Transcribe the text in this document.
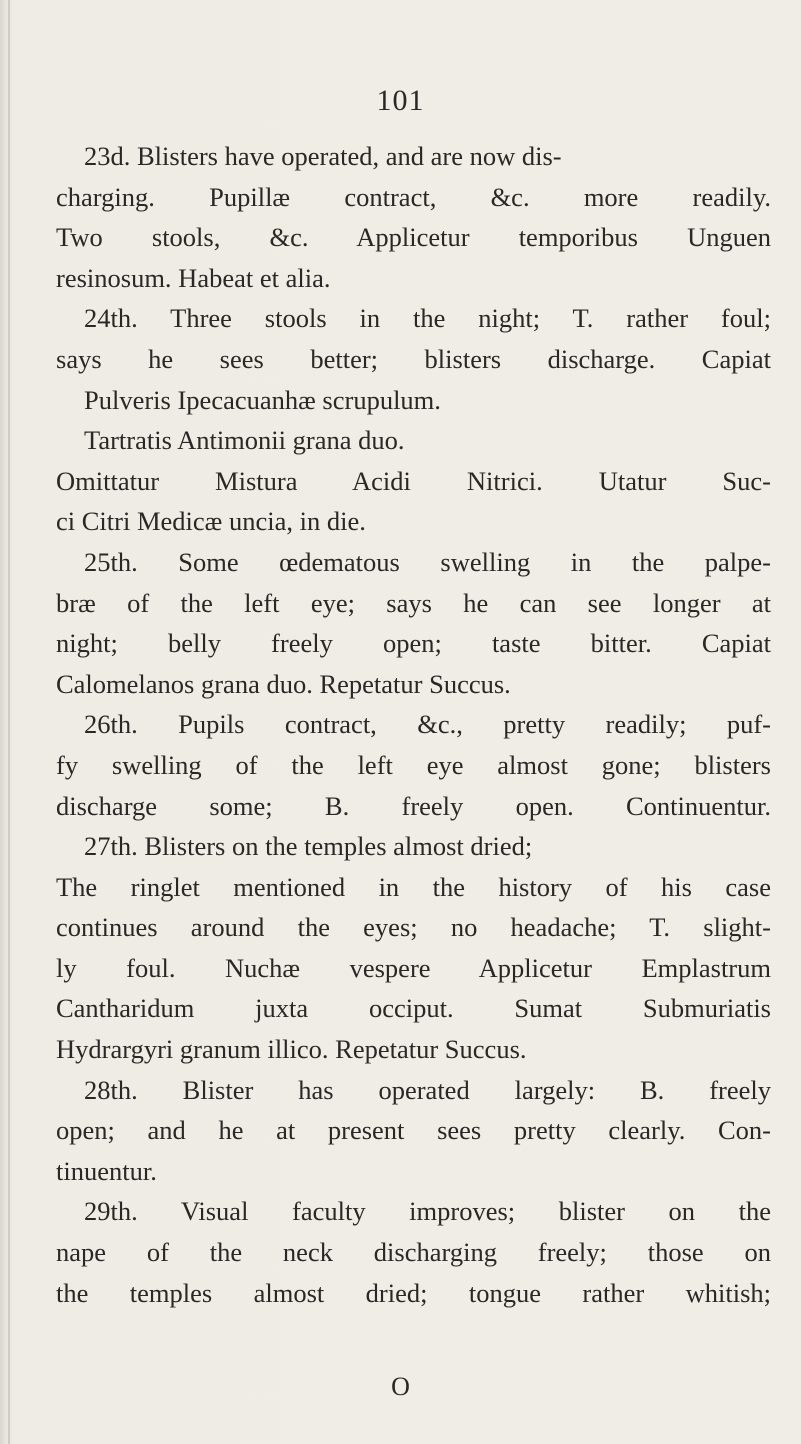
101
23d. Blisters have operated, and are now dis-
charging. Pupillæ contract, &c. more readily.
Two stools, &c. Applicetur temporibus Unguen
resinosum. Habeat et alia.
24th. Three stools in the night; T. rather foul;
says he sees better; blisters discharge. Capiat
Pulveris Ipecacuanhæ scrupulum.
Tartratis Antimonii grana duo.
Omittatur Mistura Acidi Nitrici. Utatur Suc-
ci Citri Medicæ uncia, in die.
25th. Some œdematous swelling in the palpe-
bræ of the left eye; says he can see longer at
night; belly freely open; taste bitter. Capiat
Calomelanos grana duo. Repetatur Succus.
26th. Pupils contract, &c., pretty readily; puf-
fy swelling of the left eye almost gone; blisters
discharge some; B. freely open. Continuentur.
27th. Blisters on the temples almost dried;
The ringlet mentioned in the history of his case
continues around the eyes; no headache; T. slight-
ly foul. Nuchæ vespere Applicetur Emplastrum
Cantharidum juxta occiput. Sumat Submuriatis
Hydrargyri granum illico. Repetatur Succus.
28th. Blister has operated largely: B. freely
open; and he at present sees pretty clearly. Con-
tinuentur.
29th. Visual faculty improves; blister on the
nape of the neck discharging freely; those on
the temples almost dried; tongue rather whitish;
O
